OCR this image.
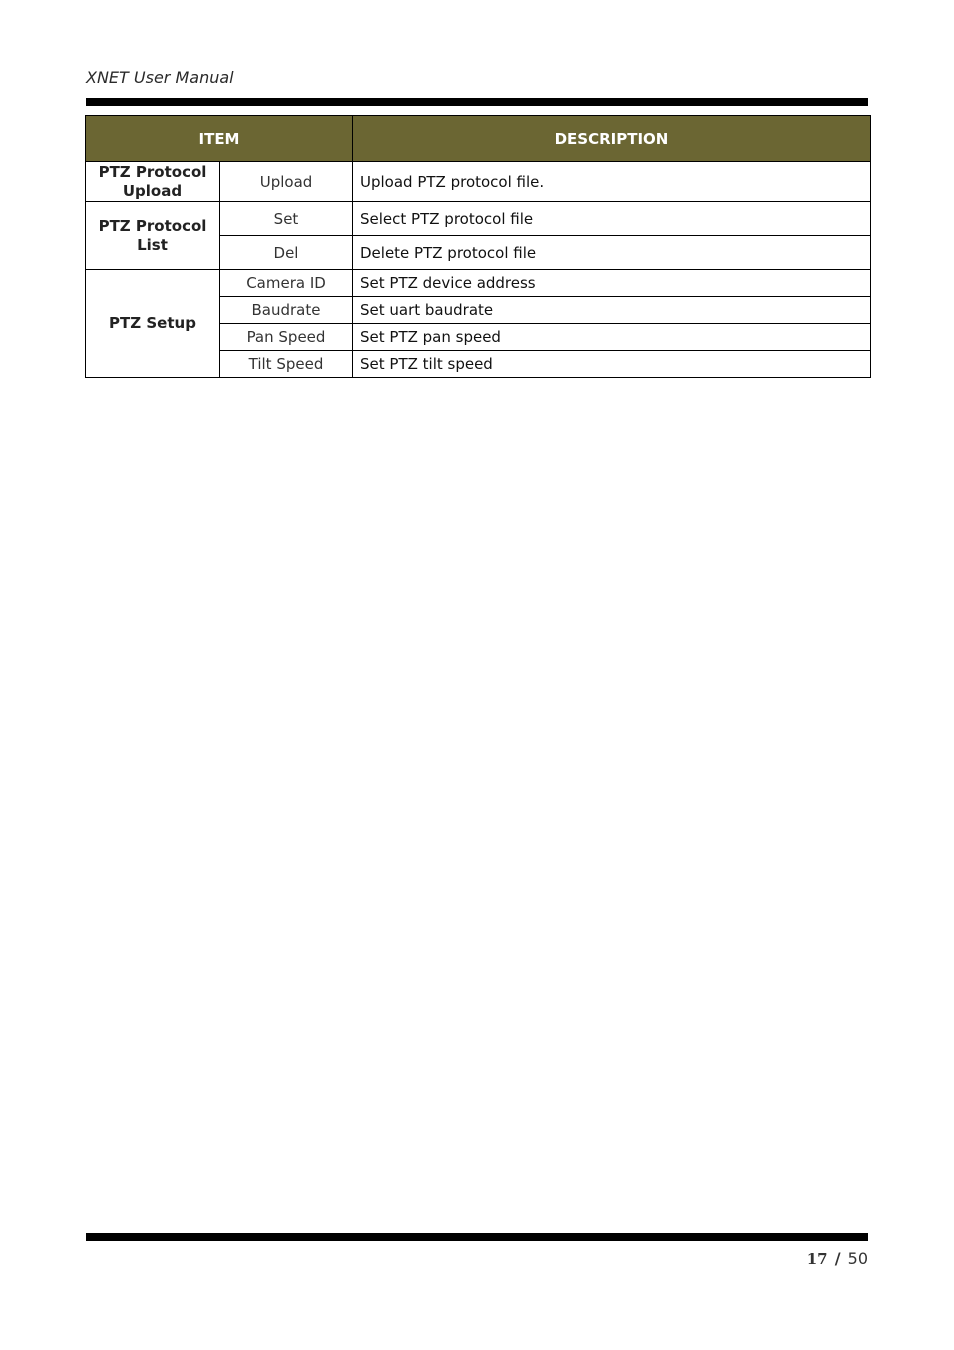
XNET User Manual
ITEM		DESCRIPTION
PTZ Protocol
Upload	Upload	Upload PTZ protocol file.
PTZ Protocol
List	Set	Select PTZ protocol file
	Del	Delete PTZ protocol file
PTZ Setup	Camera ID	Set PTZ device address
	Baudrate	Set uart baudrate
	Pan Speed	Set PTZ pan speed
	Tilt Speed	Set PTZ tilt speed
17 / 50
